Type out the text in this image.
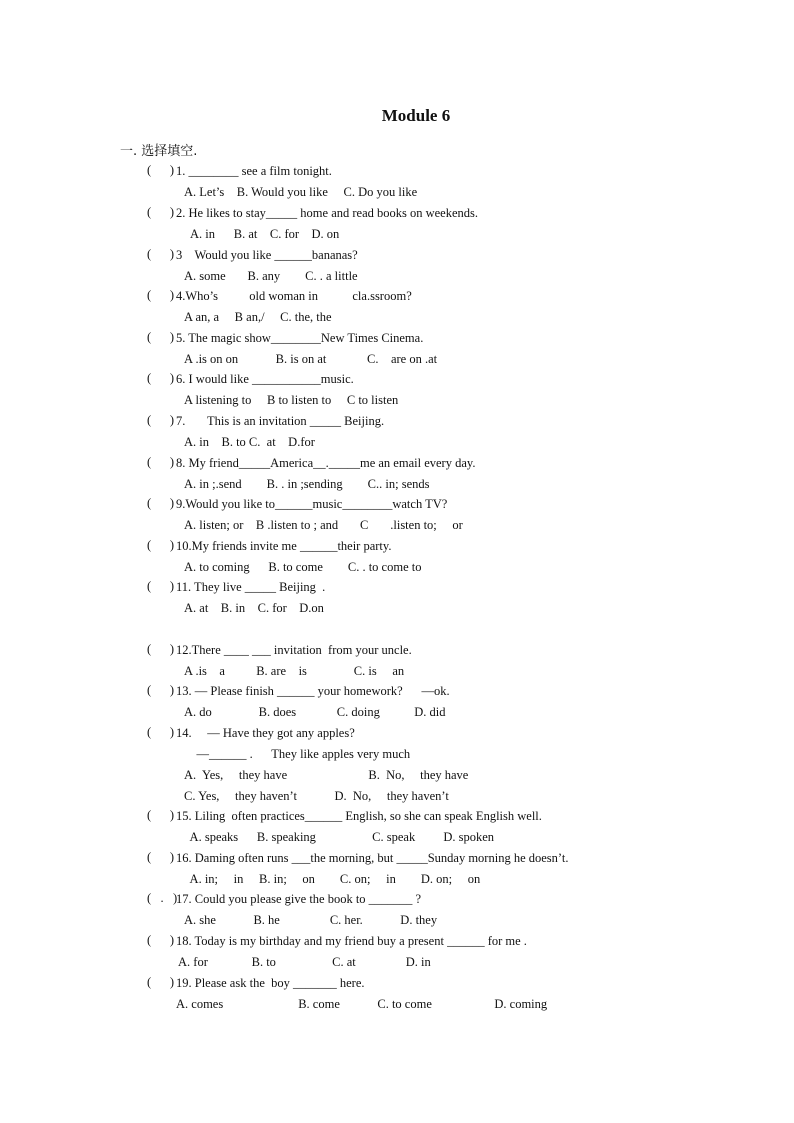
Module 6
一. 选择填空.
(      ) 1. ________ see a film tonight.
A. Let’s    B. Would you like     C. Do you like
(      ) 2. He likes to stay_____ home and read books on weekends.
A. in      B. at    C. for    D. on
(      ) 3    Would you like ______bananas?
A. some       B. any        C. . a little
(      ) 4.Who’s          old woman in           cla.ssroom?
A an, a     B an,/     C. the, the
(      ) 5. The magic show________New Times Cinema.
A .is on on            B. is on at             C.    are on .at
(      ) 6. I would like ___________music.
A listening to     B to listen to     C to listen
(      ) 7.       This is an invitation _____ Beijing.
A. in    B. to C.  at    D.for
(      ) 8. My friend_____America__._____me an email every day.
A. in ;.send        B. . in ;sending        C.. in; sends
(      ) 9.Would you like to______music________watch TV?
A. listen; or    B .listen to ; and       C       .listen to;     or
(      ) 10.My friends invite me ______their party.
A. to coming      B. to come        C. . to come to
(      ) 11. They live _____ Beijing  .
A. at    B. in    C. for    D.on
(      ) 12.There ____ ___ invitation  from your uncle.
A .is    a          B. are    is               C. is     an
(      ) 13. — Please finish ______ your homework?      —ok.
A. do               B. does             C. doing           D. did
(      ) 14.     — Have they got any apples?
—______ .      They like apples very much
A.  Yes,     they have                          B.  No,     they have
C. Yes,     they haven’t            D.  No,     they haven’t
(      ) 15. Liling  often practices______ English, so she can speak English well.
A. speaks      B. speaking                  C. speak         D. spoken
(      ) 16. Daming often runs ___the morning, but _____Sunday morning he doesn’t.
A. in;     in     B. in;     on        C. on;     in        D. on;     on
(   .   )
17. Could you please give the book to _______ ?
A. she            B. he                C. her.            D. they
(      ) 18. Today is my birthday and my friend buy a present ______ for me .
A. for              B. to                  C. at                D. in
(      ) 19. Please ask the  boy _______ here.
A. comes                        B. come            C. to come                    D. coming
